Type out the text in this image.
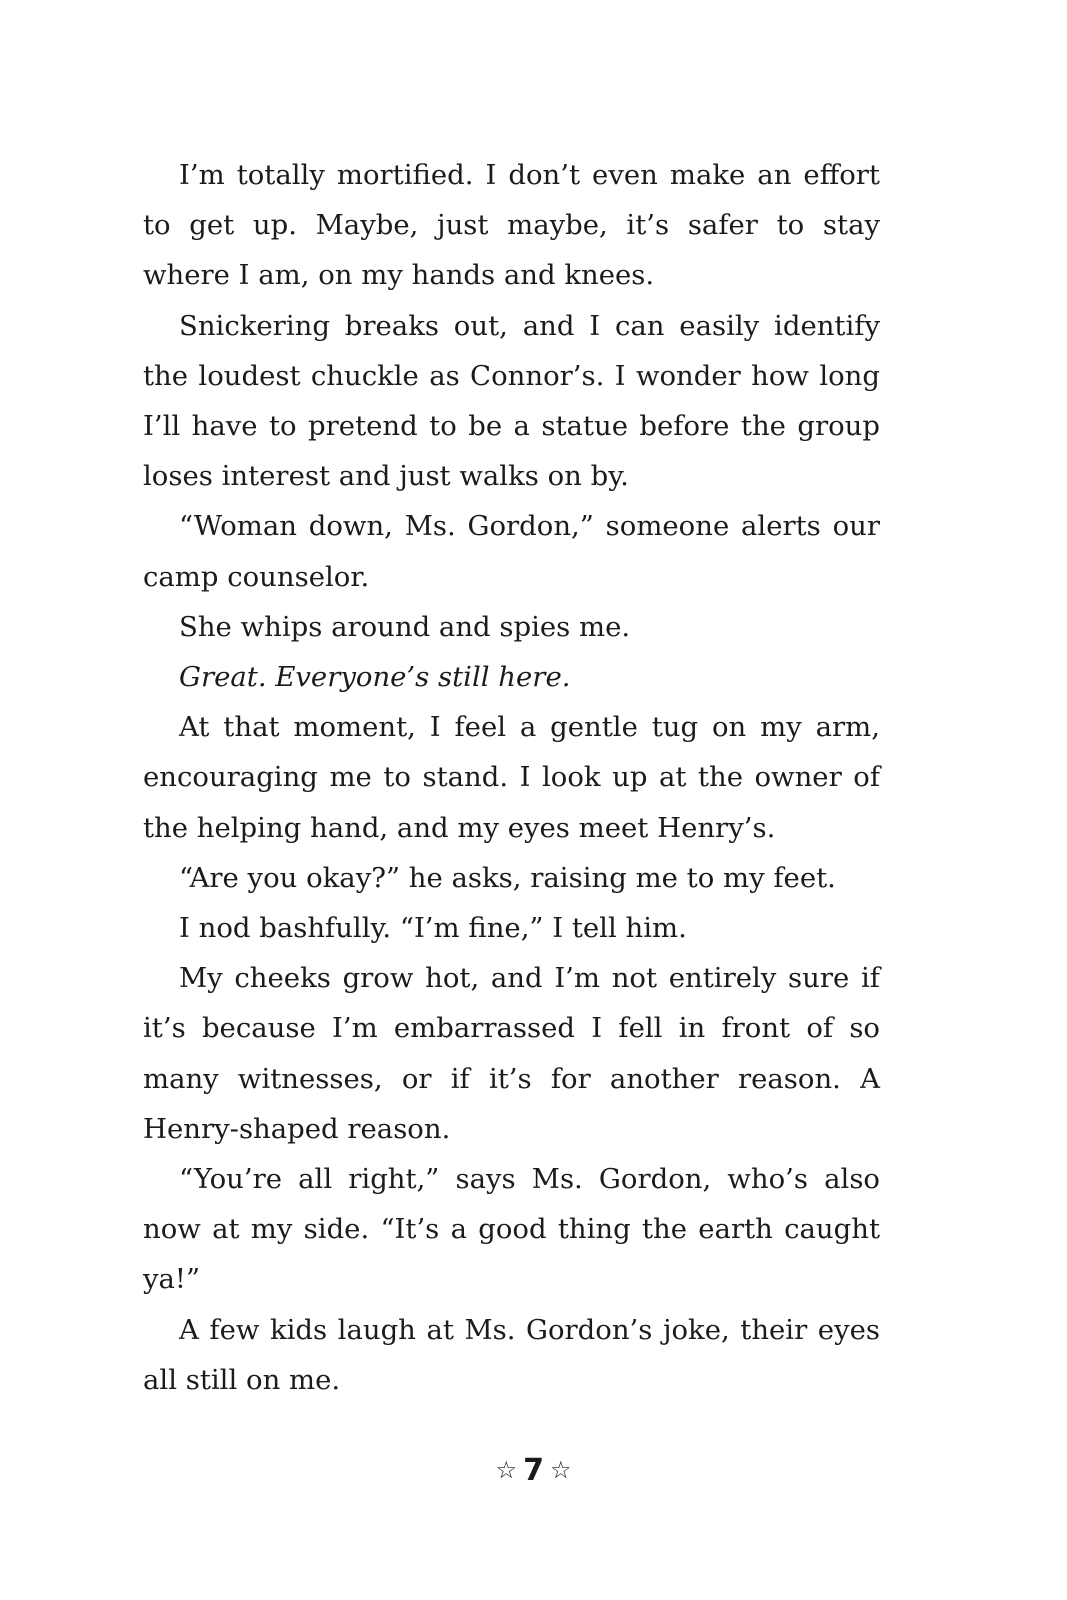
I’m totally mortified. I don’t even make an effort to get up. Maybe, just maybe, it’s safer to stay where I am, on my hands and knees.

Snickering breaks out, and I can easily identify the loudest chuckle as Connor’s. I wonder how long I’ll have to pretend to be a statue before the group loses interest and just walks on by.

“Woman down, Ms. Gordon,” someone alerts our camp counselor.

She whips around and spies me.

Great. Everyone’s still here.

At that moment, I feel a gentle tug on my arm, encouraging me to stand. I look up at the owner of the helping hand, and my eyes meet Henry’s.

“Are you okay?” he asks, raising me to my feet.

I nod bashfully. “I’m fine,” I tell him.

My cheeks grow hot, and I’m not entirely sure if it’s because I’m embarrassed I fell in front of so many witnesses, or if it’s for another reason. A Henry-shaped reason.

“You’re all right,” says Ms. Gordon, who’s also now at my side. “It’s a good thing the earth caught ya!”

A few kids laugh at Ms. Gordon’s joke, their eyes all still on me.

☆ 7 ☆
